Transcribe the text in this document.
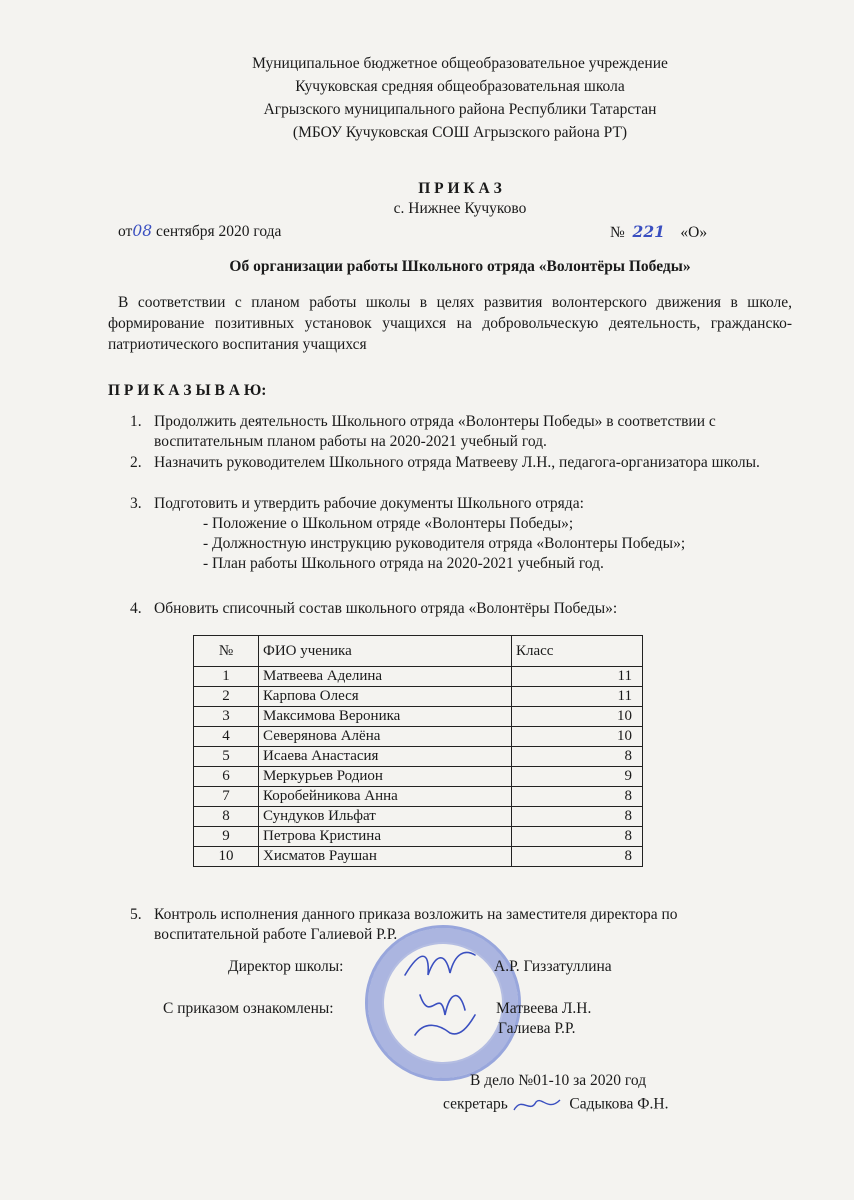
Муниципальное бюджетное общеобразовательное учреждение
Кучуковская средняя общеобразовательная школа
Агрызского муниципального района Республики Татарстан
(МБОУ Кучуковская СОШ Агрызского района РТ)
П Р И К А З
с. Нижнее Кучуково
от08 сентября 2020 года	№ 221 «О»
Об организации работы Школьного отряда «Волонтёры Победы»
В соответствии с планом работы школы в целях развития волонтерского движения в школе, формирование позитивных установок учащихся на добровольческую деятельность, гражданско-патриотического воспитания учащихся
П Р И К А З Ы В А Ю:
1. Продолжить деятельность Школьного отряда «Волонтеры Победы» в соответствии с воспитательным планом работы на 2020-2021 учебный год.
2. Назначить руководителем Школьного отряда Матвееву Л.Н., педагога-организатора школы.
3. Подготовить и утвердить рабочие документы Школьного отряда:
- Положение о Школьном отряде «Волонтеры Победы»;
- Должностную инструкцию руководителя отряда «Волонтеры Победы»;
- План работы Школьного отряда на 2020-2021 учебный год.
4. Обновить списочный состав школьного отряда «Волонтёры Победы»:
№	ФИО ученика	Класс
1	Матвеева Аделина	11
2	Карпова Олеся	11
3	Максимова Вероника	10
4	Северянова Алёна	10
5	Исаева Анастасия	8
6	Меркурьев Родион	9
7	Коробейникова Анна	8
8	Сундуков Ильфат	8
9	Петрова Кристина	8
10	Хисматов Раушан	8
5. Контроль исполнения данного приказа возложить на заместителя директора по воспитательной работе Галиевой Р.Р.
Директор школы:	А.Р. Гиззатуллина
С приказом ознакомлены:	Матвеева Л.Н.
Галиева Р.Р.
В дело №01-10 за 2020 год
секретарь	Садыкова Ф.Н.
